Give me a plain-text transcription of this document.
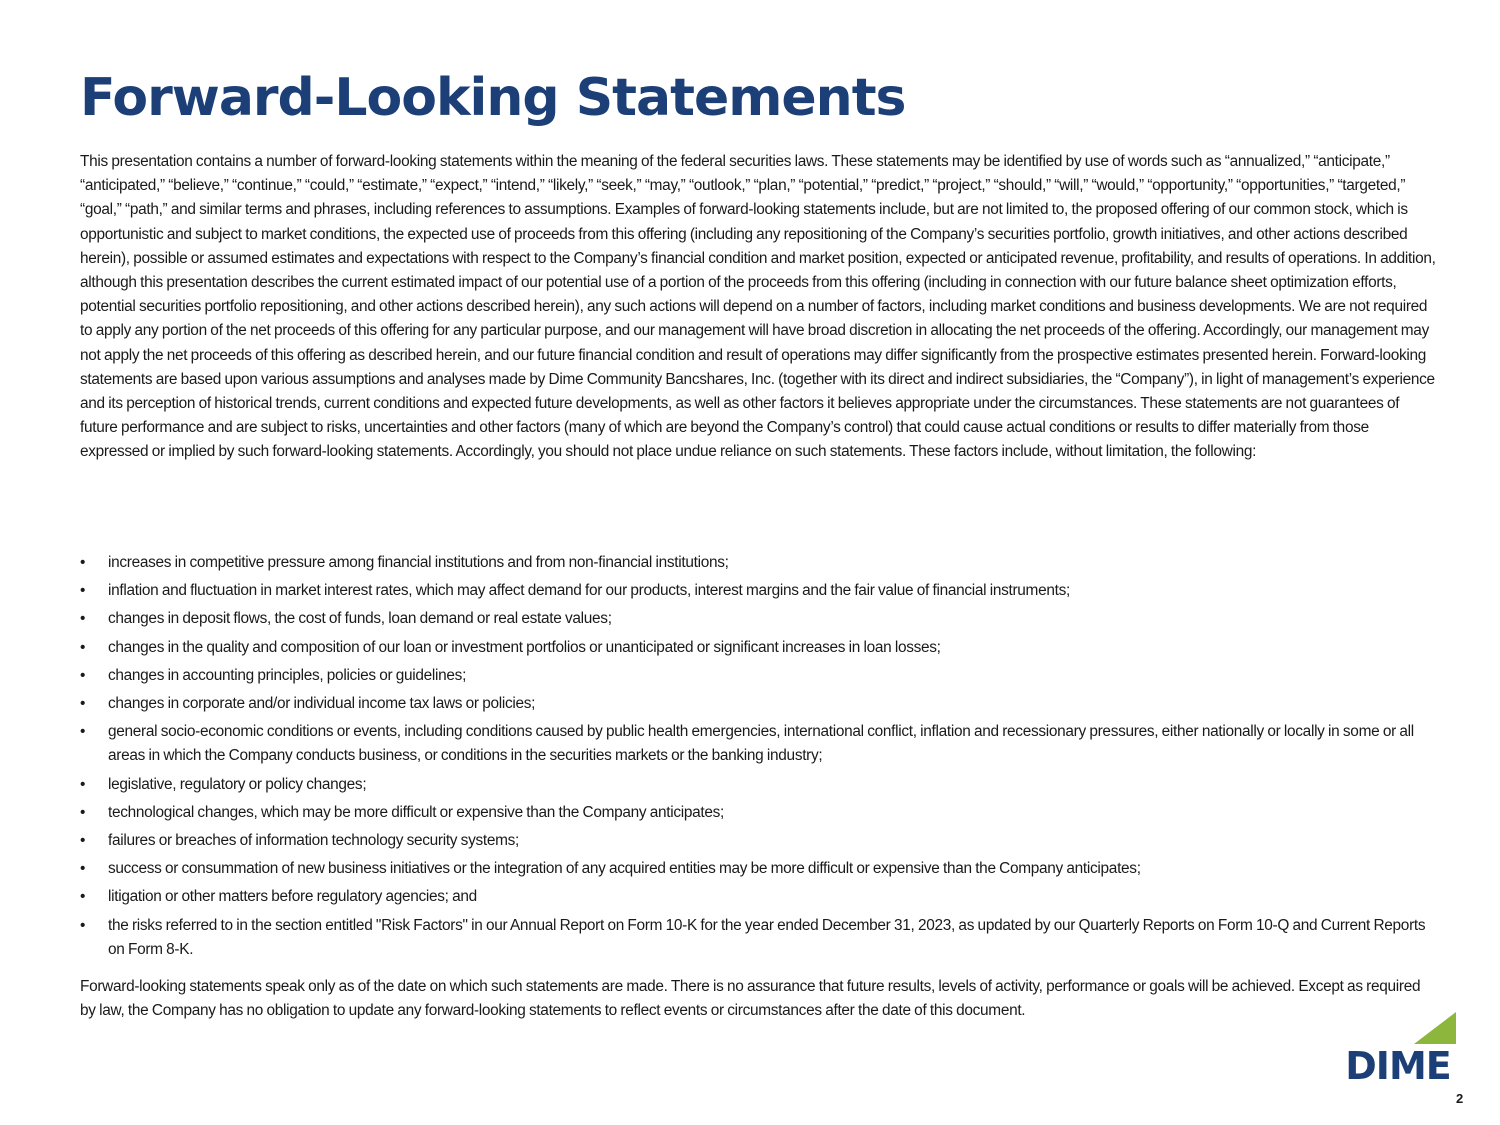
Forward-Looking Statements

This presentation contains a number of forward-looking statements within the meaning of the federal securities laws. These statements may be identified by use of words such as “annualized,” “anticipate,” “anticipated,” “believe,” “continue,” “could,” “estimate,” “expect,” “intend,” “likely,” “seek,” “may,” “outlook,” “plan,” “potential,” “predict,” “project,” “should,” “will,” “would,” “opportunity,” “opportunities,” “targeted,” “goal,” “path,” and similar terms and phrases, including references to assumptions. Examples of forward-looking statements include, but are not limited to, the proposed offering of our common stock, which is opportunistic and subject to market conditions, the expected use of proceeds from this offering (including any repositioning of the Company’s securities portfolio, growth initiatives, and other actions described herein), possible or assumed estimates and expectations with respect to the Company’s financial condition and market position, expected or anticipated revenue, profitability, and results of operations. In addition, although this presentation describes the current estimated impact of our potential use of a portion of the proceeds from this offering (including in connection with our future balance sheet optimization efforts, potential securities portfolio repositioning, and other actions described herein), any such actions will depend on a number of factors, including market conditions and business developments. We are not required to apply any portion of the net proceeds of this offering for any particular purpose, and our management will have broad discretion in allocating the net proceeds of the offering. Accordingly, our management may not apply the net proceeds of this offering as described herein, and our future financial condition and result of operations may differ significantly from the prospective estimates presented herein. Forward-looking statements are based upon various assumptions and analyses made by Dime Community Bancshares, Inc. (together with its direct and indirect subsidiaries, the “Company”), in light of management’s experience and its perception of historical trends, current conditions and expected future developments, as well as other factors it believes appropriate under the circumstances. These statements are not guarantees of future performance and are subject to risks, uncertainties and other factors (many of which are beyond the Company’s control) that could cause actual conditions or results to differ materially from those expressed or implied by such forward-looking statements. Accordingly, you should not place undue reliance on such statements. These factors include, without limitation, the following:

•	increases in competitive pressure among financial institutions and from non-financial institutions;
•	inflation and fluctuation in market interest rates, which may affect demand for our products, interest margins and the fair value of financial instruments;
•	changes in deposit flows, the cost of funds, loan demand or real estate values;
•	changes in the quality and composition of our loan or investment portfolios or unanticipated or significant increases in loan losses;
•	changes in accounting principles, policies or guidelines;
•	changes in corporate and/or individual income tax laws or policies;
•	general socio-economic conditions or events, including conditions caused by public health emergencies, international conflict, inflation and recessionary pressures, either nationally or locally in some or all areas in which the Company conducts business, or conditions in the securities markets or the banking industry;
•	legislative, regulatory or policy changes;
•	technological changes, which may be more difficult or expensive than the Company anticipates;
•	failures or breaches of information technology security systems;
•	success or consummation of new business initiatives or the integration of any acquired entities may be more difficult or expensive than the Company anticipates;
•	litigation or other matters before regulatory agencies; and
•	the risks referred to in the section entitled "Risk Factors" in our Annual Report on Form 10-K for the year ended December 31, 2023, as updated by our Quarterly Reports on Form 10-Q and Current Reports on Form 8-K.

Forward-looking statements speak only as of the date on which such statements are made. There is no assurance that future results, levels of activity, performance or goals will be achieved. Except as required by law, the Company has no obligation to update any forward-looking statements to reflect events or circumstances after the date of this document.

DIME
2
